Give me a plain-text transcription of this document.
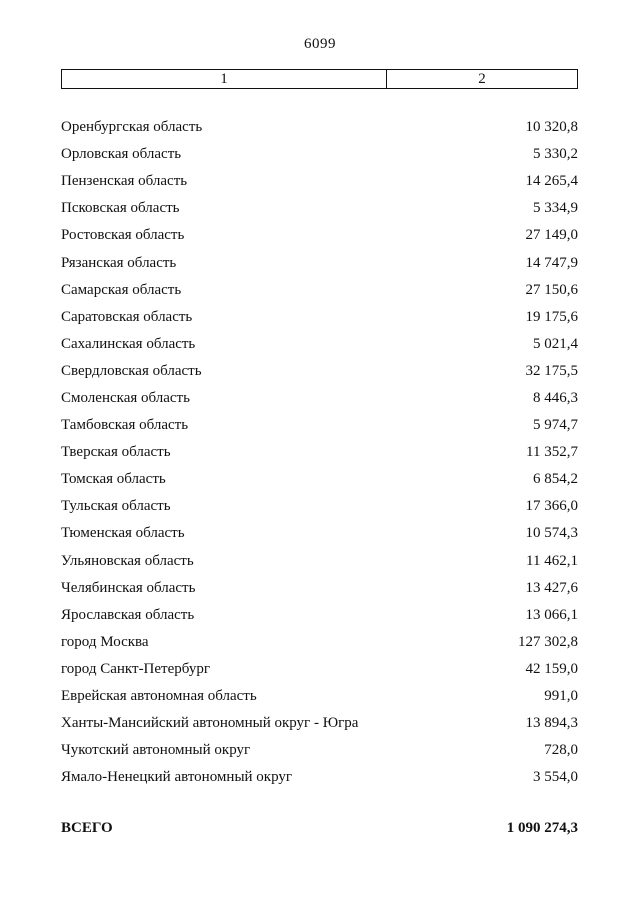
6099
1	2
Оренбургская область	10 320,8
Орловская область	5 330,2
Пензенская область	14 265,4
Псковская область	5 334,9
Ростовская область	27 149,0
Рязанская область	14 747,9
Самарская область	27 150,6
Саратовская область	19 175,6
Сахалинская область	5 021,4
Свердловская область	32 175,5
Смоленская область	8 446,3
Тамбовская область	5 974,7
Тверская область	11 352,7
Томская область	6 854,2
Тульская область	17 366,0
Тюменская область	10 574,3
Ульяновская область	11 462,1
Челябинская область	13 427,6
Ярославская область	13 066,1
город Москва	127 302,8
город Санкт-Петербург	42 159,0
Еврейская автономная область	991,0
Ханты-Мансийский автономный округ - Югра	13 894,3
Чукотский автономный округ	728,0
Ямало-Ненецкий автономный округ	3 554,0
ВСЕГО	1 090 274,3
